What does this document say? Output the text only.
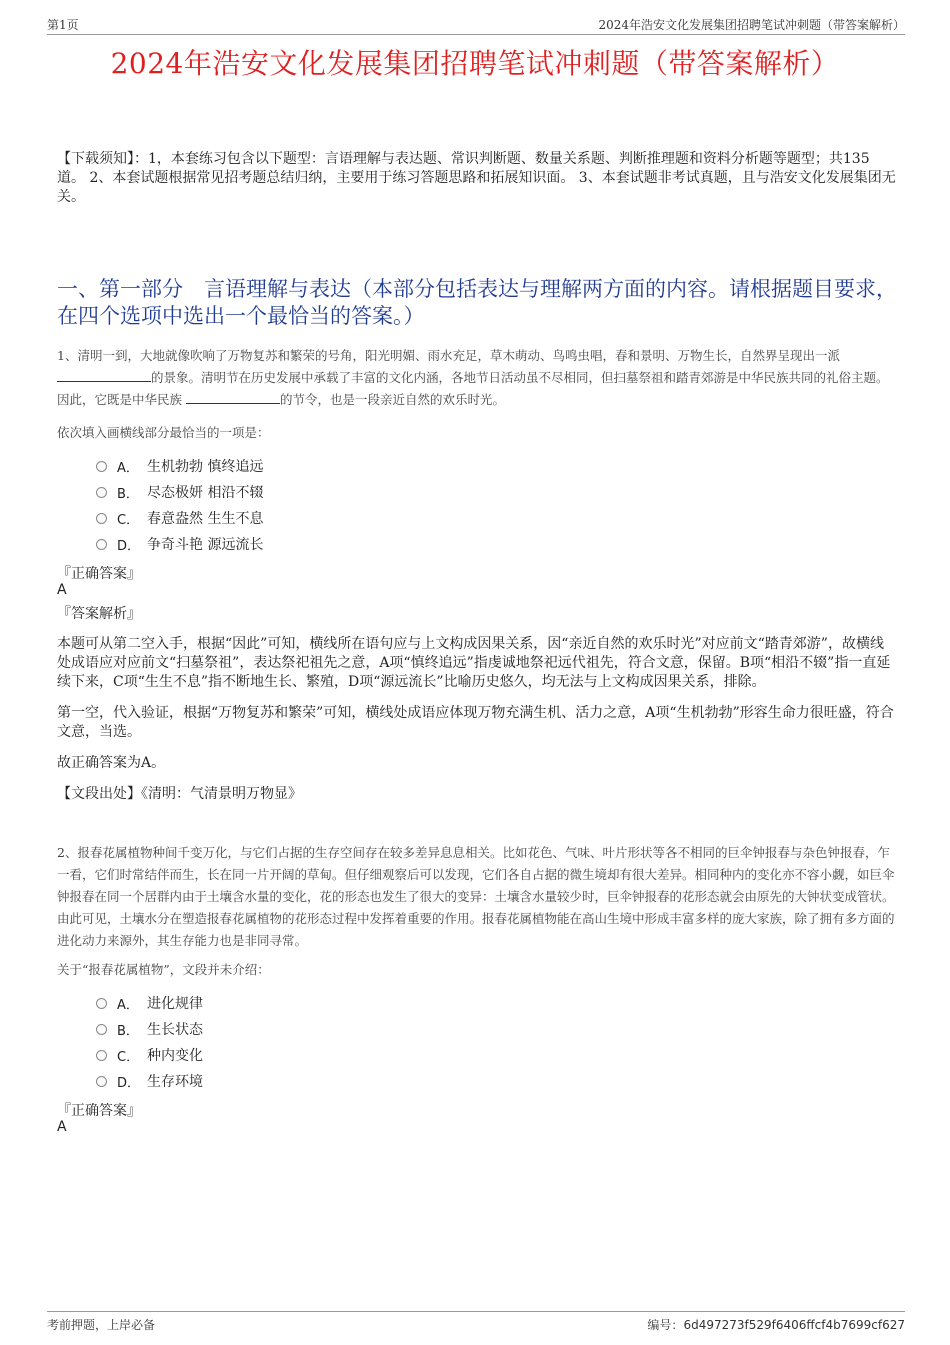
第1页	2024年浩安文化发展集团招聘笔试冲刺题（带答案解析）
2024年浩安文化发展集团招聘笔试冲刺题（带答案解析）
【下载须知】：1，本套练习包含以下题型：言语理解与表达题、常识判断题、数量关系题、判断推理题和资料分析题等题型；共135道。 2、本套试题根据常见招考题总结归纳，主要用于练习答题思路和拓展知识面。 3、本套试题非考试真题，且与浩安文化发展集团无关。
一、第一部分　言语理解与表达（本部分包括表达与理解两方面的内容。请根据题目要求，在四个选项中选出一个最恰当的答案。）
1、清明一到，大地就像吹响了万物复苏和繁荣的号角，阳光明媚、雨水充足，草木萌动、鸟鸣虫唱，春和景明、万物生长，自然界呈现出一派的景象。清明节在历史发展中承载了丰富的文化内涵，各地节日活动虽不尽相同，但扫墓祭祖和踏青郊游是中华民族共同的礼俗主题。因此，它既是中华民族	的节令，也是一段亲近自然的欢乐时光。
依次填入画横线部分最恰当的一项是：
A． 生机勃勃 慎终追远
B． 尽态极妍 相沿不辍
C． 春意盎然 生生不息
D． 争奇斗艳 源远流长
『正确答案』
A
『答案解析』

本题可从第二空入手，根据“因此”可知，横线所在语句应与上文构成因果关系，因“亲近自然的欢乐时光”对应前文“踏青郊游”，故横线处成语应对应前文“扫墓祭祖”，表达祭祀祖先之意，A项“慎终追远”指虔诚地祭祀远代祖先，符合文意，保留。B项“相沿不辍”指一直延续下来，C项“生生不息”指不断地生长、繁殖，D项“源远流长”比喻历史悠久，均无法与上文构成因果关系，排除。

第一空，代入验证，根据“万物复苏和繁荣”可知，横线处成语应体现万物充满生机、活力之意，A项“生机勃勃”形容生命力很旺盛，符合文意，当选。

故正确答案为A。

【文段出处】《清明：气清景明万物显》

2、报春花属植物种间千变万化，与它们占据的生存空间存在较多差异息息相关。比如花色、气味、叶片形状等各不相同的巨伞钟报春与杂色钟报春，乍一看，它们时常结伴而生，长在同一片开阔的草甸。但仔细观察后可以发现，它们各自占据的微生境却有很大差异。相同种内的变化亦不容小觑，如巨伞钟报春在同一个居群内由于土壤含水量的变化，花的形态也发生了很大的变异：土壤含水量较少时，巨伞钟报春的花形态就会由原先的大钟状变成管状。由此可见，土壤水分在塑造报春花属植物的花形态过程中发挥着重要的作用。报春花属植物能在高山生境中形成丰富多样的庞大家族，除了拥有多方面的进化动力来源外，其生存能力也是非同寻常。
关于“报春花属植物”，文段并未介绍：
A． 进化规律
B． 生长状态
C． 种内变化
D． 生存环境
『正确答案』
A
考前押题，上岸必备	编号：6d497273f529f6406ffcf4b7699cf627
